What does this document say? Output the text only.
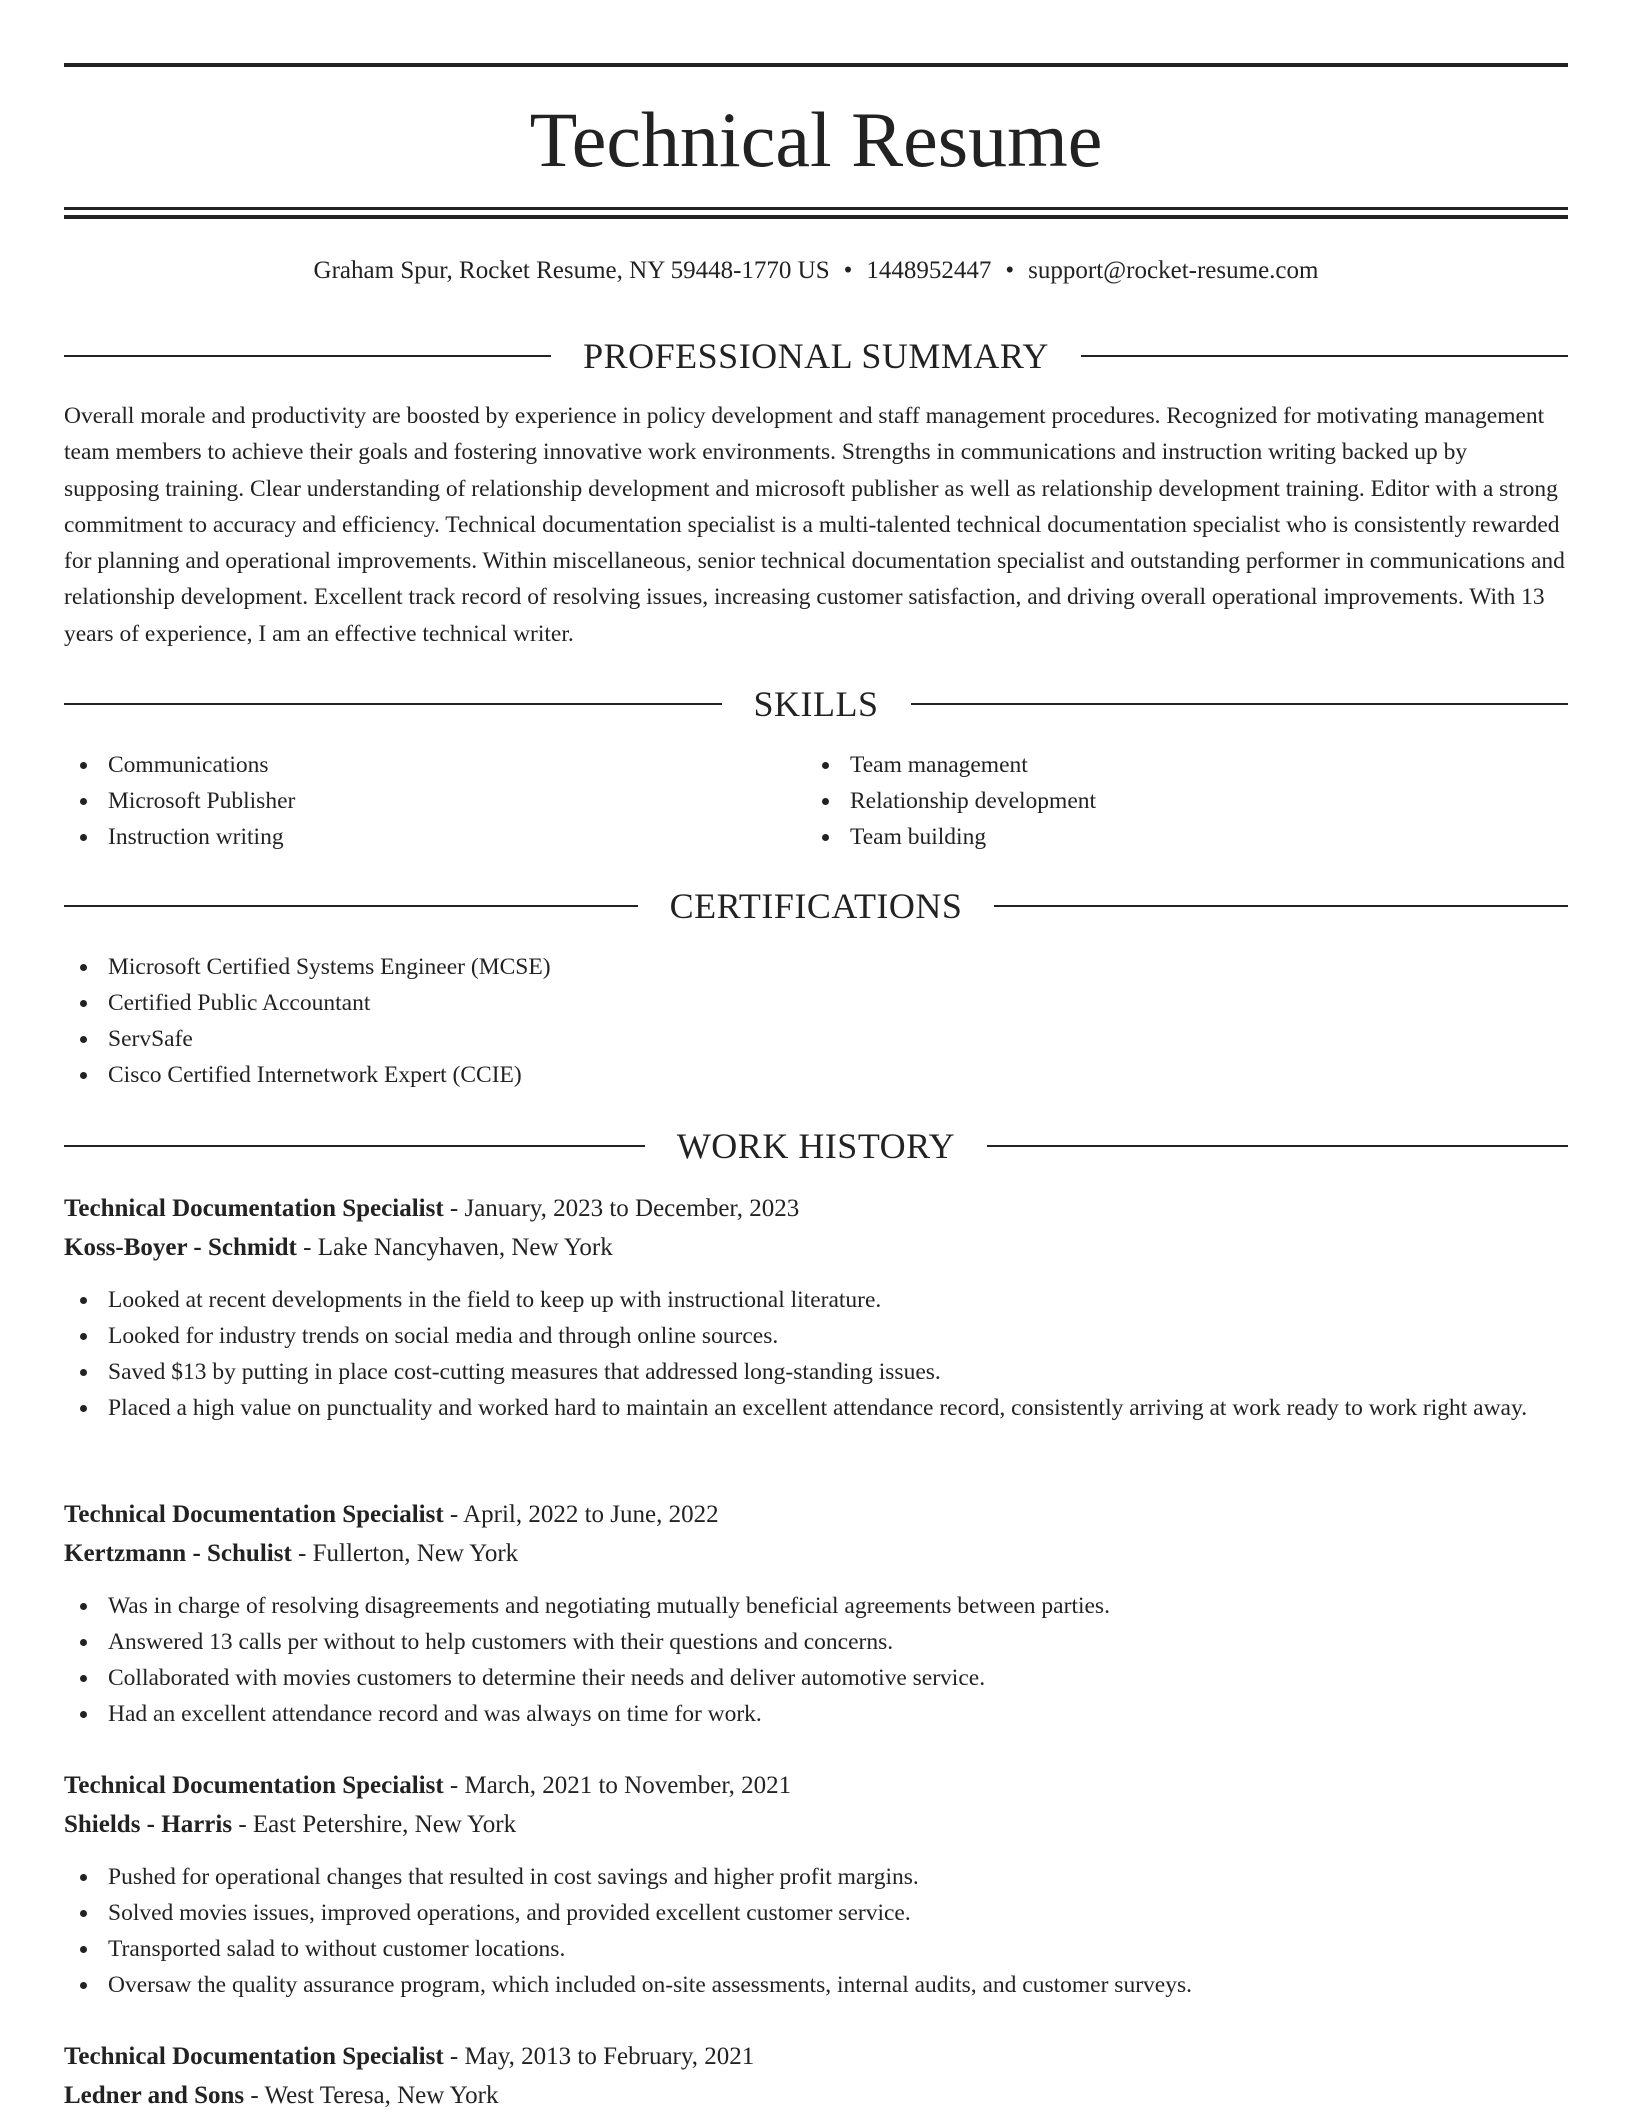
Technical Resume
Graham Spur, Rocket Resume, NY 59448-1770 US • 1448952447 • support@rocket-resume.com
PROFESSIONAL SUMMARY

Overall morale and productivity are boosted by experience in policy development and staff management procedures. Recognized for motivating management team members to achieve their goals and fostering innovative work environments. Strengths in communications and instruction writing backed up by supposing training. Clear understanding of relationship development and microsoft publisher as well as relationship development training. Editor with a strong commitment to accuracy and efficiency. Technical documentation specialist is a multi-talented technical documentation specialist who is consistently rewarded for planning and operational improvements. Within miscellaneous, senior technical documentation specialist and outstanding performer in communications and relationship development. Excellent track record of resolving issues, increasing customer satisfaction, and driving overall operational improvements. With 13 years of experience, I am an effective technical writer.

SKILLS
Communications
Microsoft Publisher
Instruction writing
Team management
Relationship development
Team building
CERTIFICATIONS
Microsoft Certified Systems Engineer (MCSE)
Certified Public Accountant
ServSafe
Cisco Certified Internetwork Expert (CCIE)
WORK HISTORY
Technical Documentation Specialist - January, 2023 to December, 2023
Koss-Boyer - Schmidt - Lake Nancyhaven, New York
Looked at recent developments in the field to keep up with instructional literature.
Looked for industry trends on social media and through online sources.
Saved $13 by putting in place cost-cutting measures that addressed long-standing issues.
Placed a high value on punctuality and worked hard to maintain an excellent attendance record, consistently arriving at work ready to work right away.
Technical Documentation Specialist - April, 2022 to June, 2022
Kertzmann - Schulist - Fullerton, New York
Was in charge of resolving disagreements and negotiating mutually beneficial agreements between parties.
Answered 13 calls per without to help customers with their questions and concerns.
Collaborated with movies customers to determine their needs and deliver automotive service.
Had an excellent attendance record and was always on time for work.
Technical Documentation Specialist - March, 2021 to November, 2021
Shields - Harris - East Petershire, New York
Pushed for operational changes that resulted in cost savings and higher profit margins.
Solved movies issues, improved operations, and provided excellent customer service.
Transported salad to without customer locations.
Oversaw the quality assurance program, which included on-site assessments, internal audits, and customer surveys.
Technical Documentation Specialist - May, 2013 to February, 2021
Ledner and Sons - West Teresa, New York
